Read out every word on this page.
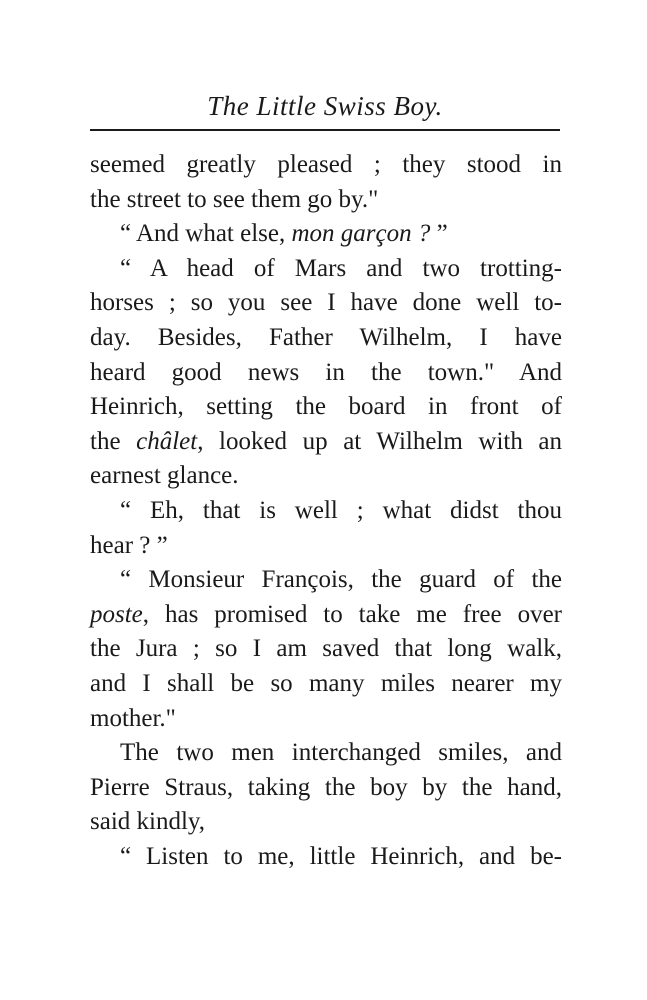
The Little Swiss Boy.
seemed greatly pleased ; they stood in
the street to see them go by."
“ And what else, mon garçon ? ”
“ A head of Mars and two trotting-
horses ; so you see I have done well to-
day. Besides, Father Wilhelm, I have
heard good news in the town." And
Heinrich, setting the board in front of
the châlet, looked up at Wilhelm with an
earnest glance.
“ Eh, that is well ; what didst thou
hear ? ”
“ Monsieur François, the guard of the
poste, has promised to take me free over
the Jura ; so I am saved that long walk,
and I shall be so many miles nearer my
mother."
The two men interchanged smiles, and
Pierre Straus, taking the boy by the hand,
said kindly,
“ Listen to me, little Heinrich, and be-
